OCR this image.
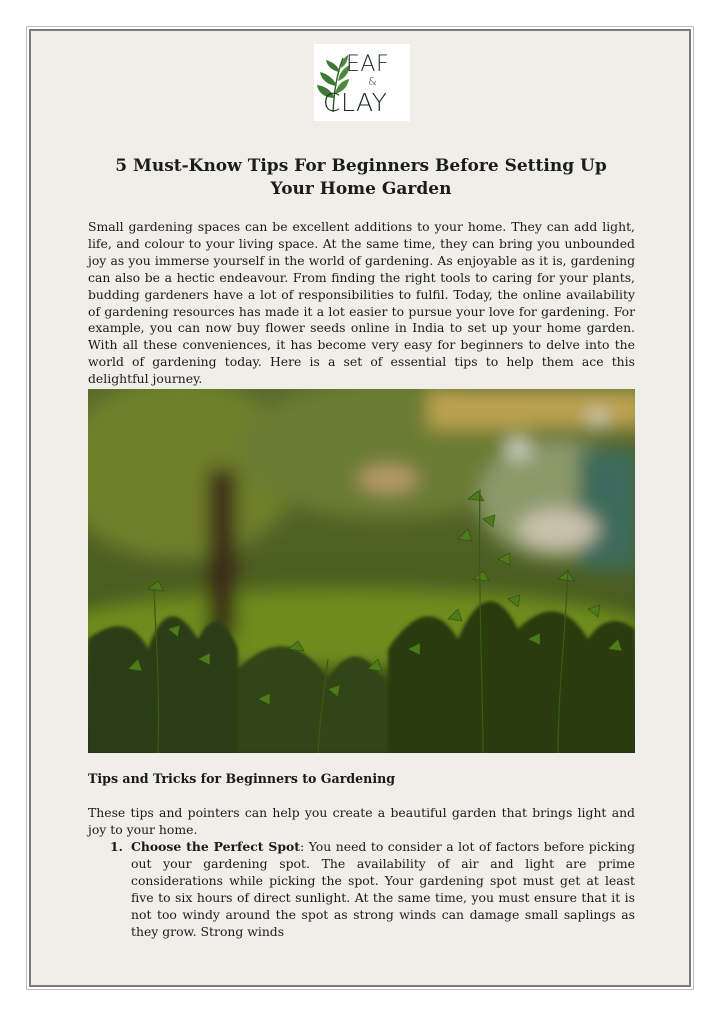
EAF
&
CLAY
5 Must-Know Tips For Beginners Before Setting Up Your Home Garden

Small gardening spaces can be excellent additions to your home. They can add light, life, and colour to your living space. At the same time, they can bring you unbounded joy as you immerse yourself in the world of gardening. As enjoyable as it is, gardening can also be a hectic endeavour. From finding the right tools to caring for your plants, budding gardeners have a lot of responsibilities to fulfil. Today, the online availability of gardening resources has made it a lot easier to pursue your love for gardening. For example, you can now buy flower seeds online in India to set up your home garden. With all these conveniences, it has become very easy for beginners to delve into the world of gardening today. Here is a set of essential tips to help them ace this delightful journey.

Tips and Tricks for Beginners to Gardening

These tips and pointers can help you create a beautiful garden that brings light and joy to your home.

1. Choose the Perfect Spot: You need to consider a lot of factors before picking out your gardening spot. The availability of air and light are prime considerations while picking the spot. Your gardening spot must get at least five to six hours of direct sunlight. At the same time, you must ensure that it is not too windy around the spot as strong winds can damage small saplings as they grow. Strong winds
